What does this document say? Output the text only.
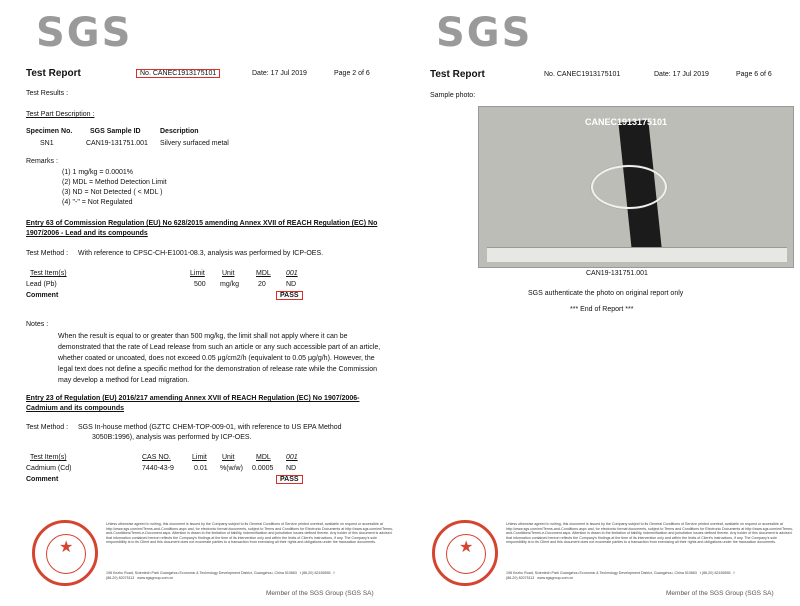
SGS
Test Report	No. CANEC1913175101	Date: 17 Jul 2019	Page 2 of 6
Test Results :
Test Part Description :
Specimen No.	SGS Sample ID	Description
SN1	CAN19-131751.001 Silvery surfaced metal
Remarks :
(1) 1 mg/kg = 0.0001%
(2) MDL = Method Detection Limit
(3) ND = Not Detected ( < MDL )
(4) "-" = Not Regulated
Entry 63 of Commission Regulation (EU) No 628/2015 amending Annex XVII of REACH Regulation (EC) No
1907/2006 - Lead and its compounds
Test Method : With reference to CPSC-CH-E1001-08.3, analysis was performed by ICP-OES.
Test Item(s)	Limit Unit	MDL 001
Lead (Pb)	500 mg/kg	20	ND
Comment	PASS
Notes :
When the result is equal to or greater than 500 mg/kg, the limit shall not apply where it can be
demonstrated that the rate of Lead release from such an article or any such accessible part of an article,
whether coated or uncoated, does not exceed 0.05 μg/cm2/h (equivalent to 0.05 μg/g/h). However, the
legal text does not define a specific method for the demonstration of release rate while the Commission
may develop a method for Lead migration.
Entry 23 of Regulation (EU) 2016/217 amending Annex XVII of REACH Regulation (EC) No 1907/2006-
Cadmium and its compounds
Test Method : SGS In-house method (GZTC CHEM-TOP-009-01, with reference to US EPA Method
3050B:1996), analysis was performed by ICP-OES.
Test Item(s)	CAS NO.	Limit Unit	MDL 001
Cadmium (Cd)	7440-43-9	0.01 %(w/w) 0.0005 ND
Comment	PASS
★
Unless otherwise agreed in writing, this document is issued by the Company subject to its General Conditions of Service printed overleaf, available on request or accessible at http://www.sgs.com/en/Terms-and-Conditions.aspx and, for electronic format documents, subject to Terms and Conditions for Electronic Documents at http://www.sgs.com/en/Terms-and-Conditions/Terms-e-Document.aspx. Attention is drawn to the limitation of liability, indemnification and jurisdiction issues defined therein. Any holder of this document is advised that information contained hereon reflects the Company's findings at the time of its intervention only and within the limits of Client's instructions, if any. The Company's sole responsibility is to its Client and this document does not exonerate parties to a transaction from exercising all their rights and obligations under the transaction documents.
198 Kezhu Road, Scientech Park Guangzhou Economic & Technology Development District, Guangzhou, China 510663   t (86-20) 82155555   f (86-20) 82075113   www.sgsgroup.com.cn
Member of the SGS Group (SGS SA)
SGS
Test Report	No. CANEC1913175101	Date: 17 Jul 2019	Page 6 of 6
Sample photo:
CANEC1913175101
CAN19-131751.001
SGS authenticate the photo on original report only
*** End of Report ***
★
Unless otherwise agreed in writing, this document is issued by the Company subject to its General Conditions of Service printed overleaf, available on request or accessible at http://www.sgs.com/en/Terms-and-Conditions.aspx and, for electronic format documents, subject to Terms and Conditions for Electronic Documents at http://www.sgs.com/en/Terms-and-Conditions/Terms-e-Document.aspx. Attention is drawn to the limitation of liability, indemnification and jurisdiction issues defined therein. Any holder of this document is advised that information contained hereon reflects the Company's findings at the time of its intervention only and within the limits of Client's instructions, if any. The Company's sole responsibility is to its Client and this document does not exonerate parties to a transaction from exercising all their rights and obligations under the transaction documents.
198 Kezhu Road, Scientech Park Guangzhou Economic & Technology Development District, Guangzhou, China 510663   t (86-20) 82155555   f (86-20) 82075113   www.sgsgroup.com.cn
Member of the SGS Group (SGS SA)
